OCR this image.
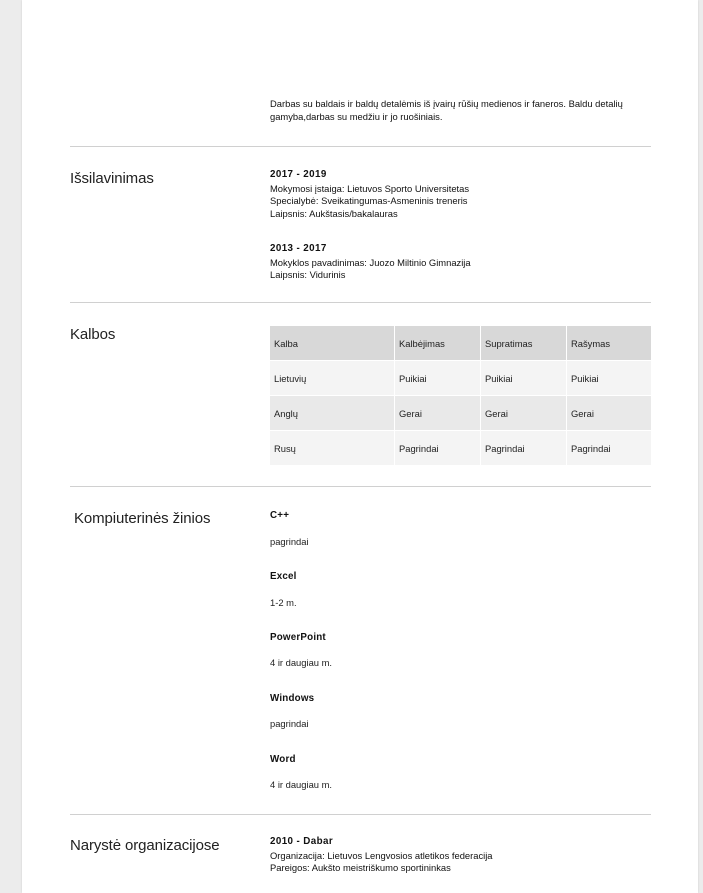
Darbas su baldais ir baldų detalėmis iš įvairų rūšių medienos ir faneros. Baldu detalių gamyba,darbas su medžiu ir jo ruošiniais.
Išsilavinimas	2017 - 2019
Mokymosi įstaiga: Lietuvos Sporto Universitetas
Specialybė: Sveikatingumas-Asmeninis treneris
Laipsnis: Aukštasis/bakalauras
2013 - 2017
Mokyklos pavadinimas: Juozo Miltinio Gimnazija
Laipsnis: Vidurinis
Kalbos	Kalba	Kalbėjimas	Supratimas	Rašymas
Lietuvių	Puikiai	Puikiai	Puikiai
Anglų	Gerai	Gerai	Gerai
Rusų	Pagrindai	Pagrindai	Pagrindai
Kompiuterinės žinios	C++
pagrindai
Excel
1-2 m.
PowerPoint
4 ir daugiau m.
Windows
pagrindai
Word
4 ir daugiau m.
Narystė organizacijose	2010 - Dabar
Organizacija: Lietuvos Lengvosios atletikos federacija
Pareigos: Aukšto meistriškumo sportininkas
